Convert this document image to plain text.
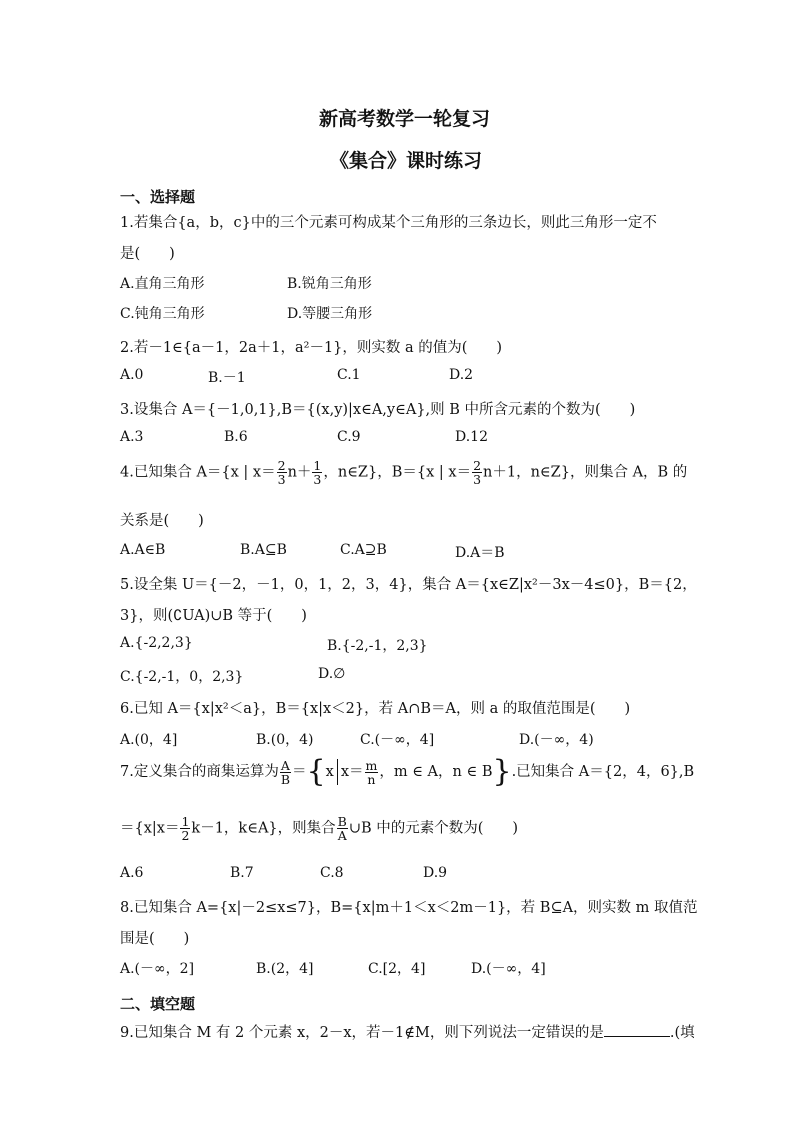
新高考数学一轮复习
《集合》课时练习
一、选择题
1.若集合{a，b，c}中的三个元素可构成某个三角形的三条边长，则此三角形一定不
是(　　)
A.直角三角形	B.锐角三角形
C.钝角三角形	D.等腰三角形
2.若－1∈{a－1，2a＋1，a²－1}，则实数 a 的值为(　　)
A.0	B.－1	C.1	D.2
3.设集合 A＝{－1,0,1},B＝{(x,y)|x∈A,y∈A},则 B 中所含元素的个数为(　　)
A.3	B.6	C.9	D.12
4.已知集合 A＝{x | $x= \frac{2}{3} n+ \frac{1}{3}$ ，n∈Z}，B＝{x | $x= \frac{2}{3} n+1$，n∈Z}，则集合 A，B 的
关系是(　　)
A.A∈B	B.A⊆B	C.A⊇B	D.A＝B
5.设全集 U＝{－2，－1，0，1，2，3，4}，集合 A＝{x∈Z|x²－3x－4≤0}，B＝{2，
3}，则(∁UA)∪B 等于(　　)
A.{-2,2,3}	B.{-2,-1，2,3}
C.{-2,-1，0，2,3}	D.∅
6.已知 A＝{x|x²＜a}，B＝{x|x＜2}，若 A∩B＝A，则 a 的取值范围是(　　)
A.(0，4]	B.(0，4)	C.(－∞，4]	D.(－∞，4)
7.定义集合的商集运算为 $\frac{A}{B} =\{x$ $x= \frac{m}{n}$ ，m ∈ A，n ∈ B}.已知集合 A＝{2，4，6},B
$=\{x|x= \frac{1}{2} k-1$，k∈A}，则集合 $\frac{B}{A}$ ∪B 中的元素个数为(　　)
A.6	B.7	C.8	D.9
8.已知集合 A={x|－2≤x≤7}，B={x|m＋1＜x＜2m－1}，若 B⊆A，则实数 m 取值范
围是(　　)
A.(－∞，2]	B.(2，4]	C.[2，4]	D.(－∞，4]
二、填空题
9.已知集合 M 有 2 个元素 x，2－x，若－1∉M，则下列说法一定错误的是	.(填
